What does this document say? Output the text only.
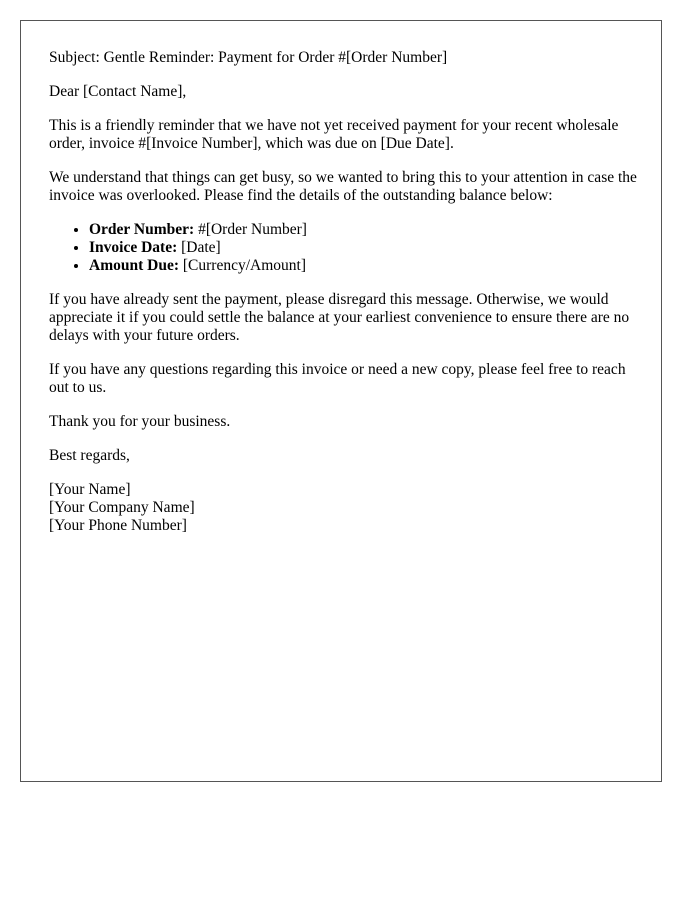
Subject: Gentle Reminder: Payment for Order #[Order Number]

Dear [Contact Name],

This is a friendly reminder that we have not yet received payment for your recent wholesale order, invoice #[Invoice Number], which was due on [Due Date].

We understand that things can get busy, so we wanted to bring this to your attention in case the invoice was overlooked. Please find the details of the outstanding balance below:

• Order Number: #[Order Number]
• Invoice Date: [Date]
• Amount Due: [Currency/Amount]

If you have already sent the payment, please disregard this message. Otherwise, we would appreciate it if you could settle the balance at your earliest convenience to ensure there are no delays with your future orders.

If you have any questions regarding this invoice or need a new copy, please feel free to reach out to us.

Thank you for your business.

Best regards,

[Your Name]
[Your Company Name]
[Your Phone Number]
